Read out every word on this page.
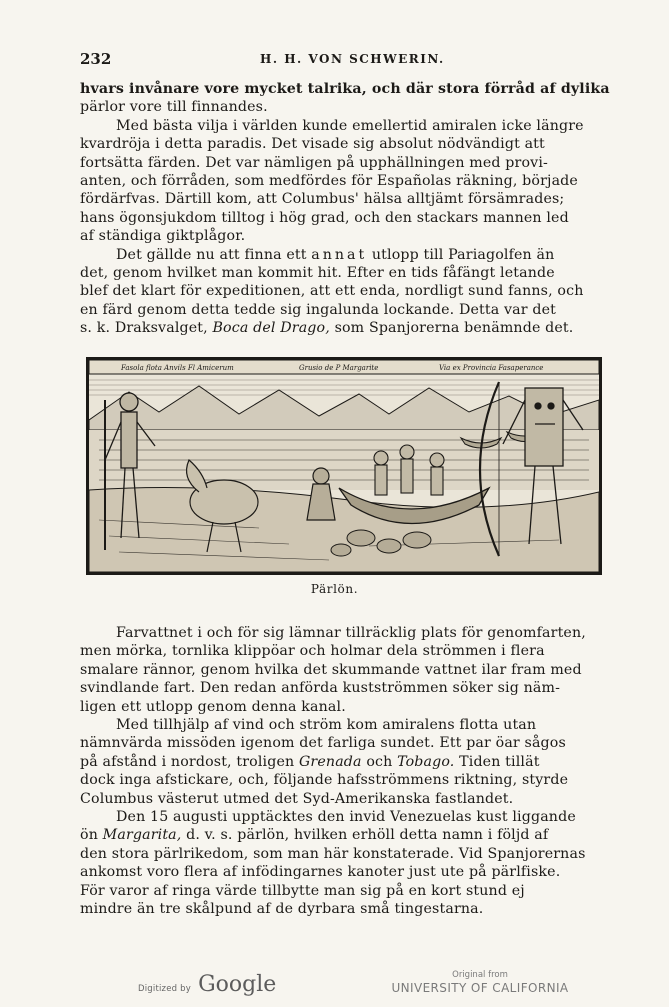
232	H. H. VON SCHWERIN.
hvars invånare vore mycket talrika, och där stora förråd af dylika
pärlor vore till finnandes.
Med bästa vilja i världen kunde emellertid amiralen icke längre
kvardröja i detta paradis. Det visade sig absolut nödvändigt att
fortsätta färden. Det var nämligen på upphällningen med provi-
anten, och förråden, som medfördes för Españolas räkning, började
fördärfvas. Därtill kom, att Columbus' hälsa alltjämt försämrades;
hans ögonsjukdom tilltog i hög grad, och den stackars mannen led
af ständiga giktplågor.
Det gällde nu att finna ett annat utlopp till Pariagolfen än
det, genom hvilket man kommit hit. Efter en tids fåfängt letande
blef det klart för expeditionen, att ett enda, nordligt sund fanns, och
en färd genom detta tedde sig ingalunda lockande. Detta var det
s. k. Draksvalget, Boca del Drago, som Spanjorerna benämnde det.
Fasola flota Anvils Fl Amicerum	Grusio de P Margarite	Via ex Provincia Fasaperance
Pärlön.
Farvattnet i och för sig lämnar tillräcklig plats för genomfarten,
men mörka, tornlika klippöar och holmar dela strömmen i flera
smalare rännor, genom hvilka det skummande vattnet ilar fram med
svindlande fart. Den redan anförda kustströmmen söker sig näm-
ligen ett utlopp genom denna kanal.
Med tillhjälp af vind och ström kom amiralens flotta utan
nämnvärda missöden igenom det farliga sundet. Ett par öar sågos
på afstånd i nordost, troligen Grenada och Tobago. Tiden tillät
dock inga afstickare, och, följande hafsströmmens riktning, styrde
Columbus västerut utmed det Syd-Amerikanska fastlandet.
Den 15 augusti upptäcktes den invid Venezuelas kust liggande
ön Margarita, d. v. s. pärlön, hvilken erhöll detta namn i följd af
den stora pärlrikedom, som man här konstaterade. Vid Spanjorernas
ankomst voro flera af infödingarnes kanoter just ute på pärlfiske.
För varor af ringa värde tillbytte man sig på en kort stund ej
mindre än tre skålpund af de dyrbara små tingestarna.
Digitized by Google	Original from
UNIVERSITY OF CALIFORNIA
